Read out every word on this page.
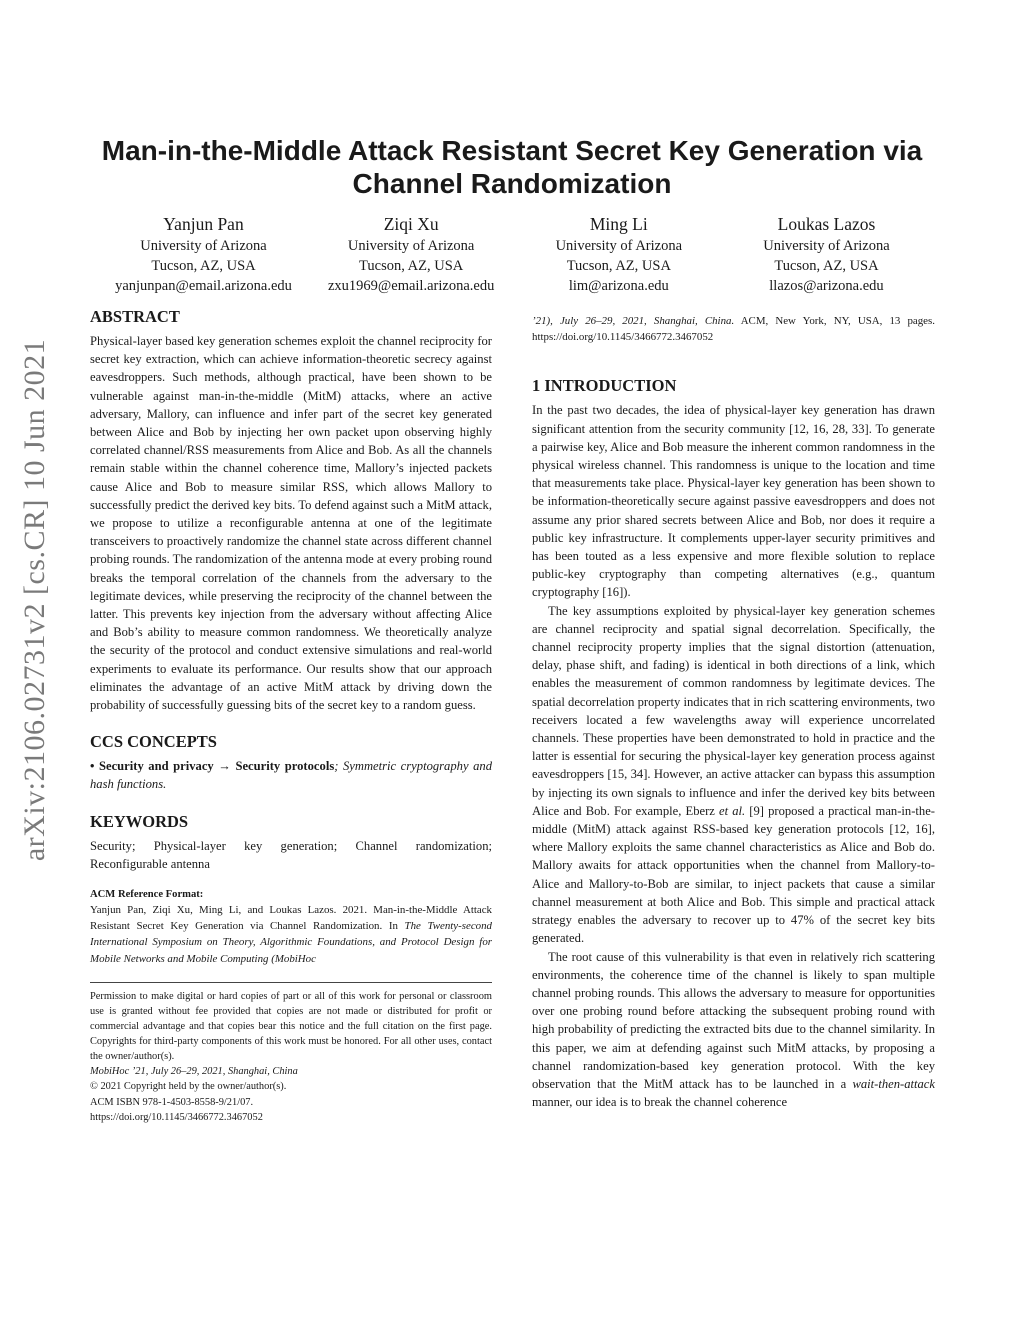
arXiv:2106.02731v2 [cs.CR] 10 Jun 2021
Man-in-the-Middle Attack Resistant Secret Key Generation via
Channel Randomization
Yanjun Pan
University of Arizona
Tucson, AZ, USA
yanjunpan@email.arizona.edu
Ziqi Xu
University of Arizona
Tucson, AZ, USA
zxu1969@email.arizona.edu
Ming Li
University of Arizona
Tucson, AZ, USA
lim@arizona.edu
Loukas Lazos
University of Arizona
Tucson, AZ, USA
llazos@arizona.edu
ABSTRACT

Physical-layer based key generation schemes exploit the channel reciprocity for secret key extraction, which can achieve information-theoretic secrecy against eavesdroppers. Such methods, although practical, have been shown to be vulnerable against man-in-the-middle (MitM) attacks, where an active adversary, Mallory, can influence and infer part of the secret key generated between Alice and Bob by injecting her own packet upon observing highly correlated channel/RSS measurements from Alice and Bob. As all the channels remain stable within the channel coherence time, Mallory’s injected packets cause Alice and Bob to measure similar RSS, which allows Mallory to successfully predict the derived key bits. To defend against such a MitM attack, we propose to utilize a reconfigurable antenna at one of the legitimate transceivers to proactively randomize the channel state across different channel probing rounds. The randomization of the antenna mode at every probing round breaks the temporal correlation of the channels from the adversary to the legitimate devices, while preserving the reciprocity of the channel between the latter. This prevents key injection from the adversary without affecting Alice and Bob’s ability to measure common randomness. We theoretically analyze the security of the protocol and conduct extensive simulations and real-world experiments to evaluate its performance. Our results show that our approach eliminates the advantage of an active MitM attack by driving down the probability of successfully guessing bits of the secret key to a random guess.

CCS CONCEPTS

• Security and privacy → Security protocols; Symmetric cryptography and hash functions.

KEYWORDS

Security; Physical-layer key generation; Channel randomization; Reconfigurable antenna

ACM Reference Format:

Yanjun Pan, Ziqi Xu, Ming Li, and Loukas Lazos. 2021. Man-in-the-Middle Attack Resistant Secret Key Generation via Channel Randomization. In The Twenty-second International Symposium on Theory, Algorithmic Foundations, and Protocol Design for Mobile Networks and Mobile Computing (MobiHoc

Permission to make digital or hard copies of part or all of this work for personal or classroom use is granted without fee provided that copies are not made or distributed for profit or commercial advantage and that copies bear this notice and the full citation on the first page. Copyrights for third-party components of this work must be honored. For all other uses, contact the owner/author(s).

MobiHoc ’21, July 26–29, 2021, Shanghai, China

© 2021 Copyright held by the owner/author(s).

ACM ISBN 978-1-4503-8558-9/21/07.

https://doi.org/10.1145/3466772.3467052

’21), July 26–29, 2021, Shanghai, China. ACM, New York, NY, USA, 13 pages. https://doi.org/10.1145/3466772.3467052

1 INTRODUCTION

In the past two decades, the idea of physical-layer key generation has drawn significant attention from the security community [12, 16, 28, 33]. To generate a pairwise key, Alice and Bob measure the inherent common randomness in the physical wireless channel. This randomness is unique to the location and time that measurements take place. Physical-layer key generation has been shown to be information-theoretically secure against passive eavesdroppers and does not assume any prior shared secrets between Alice and Bob, nor does it require a public key infrastructure. It complements upper-layer security primitives and has been touted as a less expensive and more flexible solution to replace public-key cryptography than competing alternatives (e.g., quantum cryptography [16]).

The key assumptions exploited by physical-layer key generation schemes are channel reciprocity and spatial signal decorrelation. Specifically, the channel reciprocity property implies that the signal distortion (attenuation, delay, phase shift, and fading) is identical in both directions of a link, which enables the measurement of common randomness by legitimate devices. The spatial decorrelation property indicates that in rich scattering environments, two receivers located a few wavelengths away will experience uncorrelated channels. These properties have been demonstrated to hold in practice and the latter is essential for securing the physical-layer key generation process against eavesdroppers [15, 34]. However, an active attacker can bypass this assumption by injecting its own signals to influence and infer the derived key bits between Alice and Bob. For example, Eberz et al. [9] proposed a practical man-in-the-middle (MitM) attack against RSS-based key generation protocols [12, 16], where Mallory exploits the same channel characteristics as Alice and Bob do. Mallory awaits for attack opportunities when the channel from Mallory-to-Alice and Mallory-to-Bob are similar, to inject packets that cause a similar channel measurement at both Alice and Bob. This simple and practical attack strategy enables the adversary to recover up to 47% of the secret key bits generated.

The root cause of this vulnerability is that even in relatively rich scattering environments, the coherence time of the channel is likely to span multiple channel probing rounds. This allows the adversary to measure for opportunities over one probing round before attacking the subsequent probing round with high probability of predicting the extracted bits due to the channel similarity. In this paper, we aim at defending against such MitM attacks, by proposing a channel randomization-based key generation protocol. With the key observation that the MitM attack has to be launched in a wait-then-attack manner, our idea is to break the channel coherence
